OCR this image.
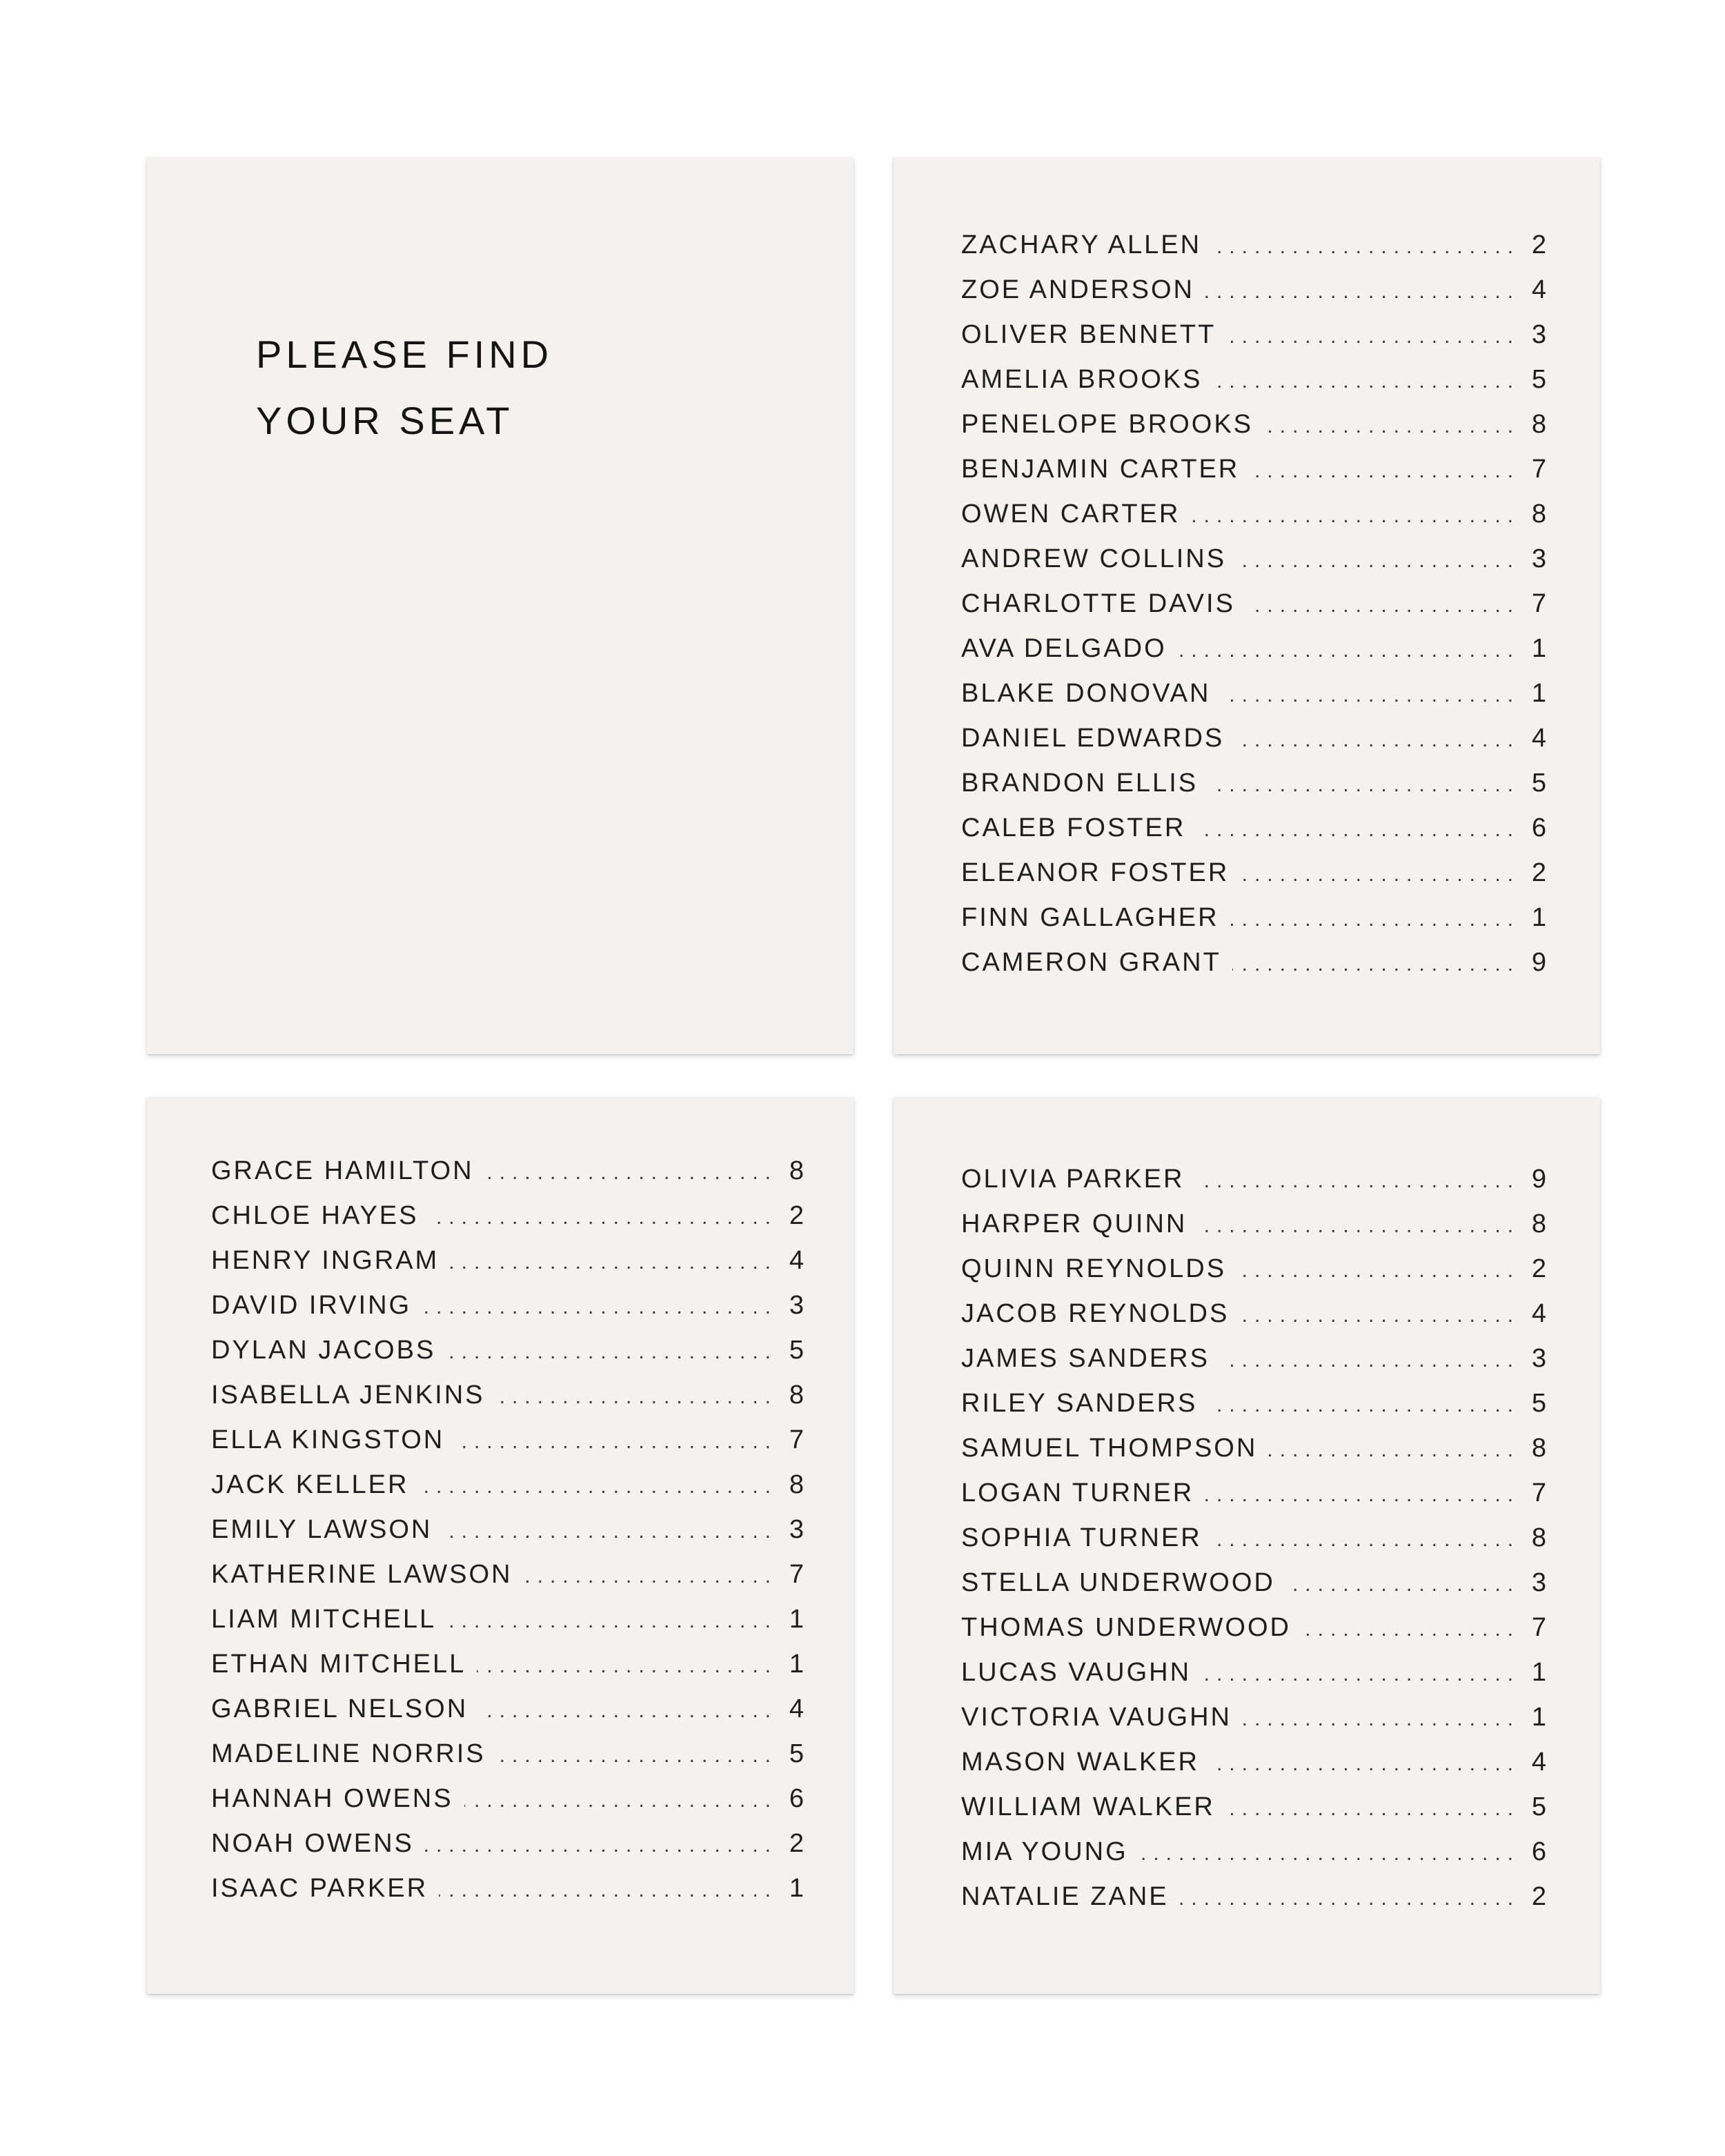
PLEASE FIND
YOUR SEAT
ZACHARY ALLEN .....	2
ZOE ANDERSON .....	4
OLIVER BENNETT .....	3
AMELIA BROOKS .....	5
PENELOPE BROOKS .....	8
BENJAMIN CARTER .....	7
OWEN CARTER .....	8
ANDREW COLLINS .....	3
CHARLOTTE DAVIS .....	7
AVA DELGADO .....	1
BLAKE DONOVAN .....	1
DANIEL EDWARDS .....	4
BRANDON ELLIS .....	5
CALEB FOSTER .....	6
ELEANOR FOSTER .....	2
FINN GALLAGHER .....	1
CAMERON GRANT .....	9
GRACE HAMILTON .....	8
CHLOE HAYES .....	2
HENRY INGRAM .....	4
DAVID IRVING .....	3
DYLAN JACOBS .....	5
ISABELLA JENKINS .....	8
ELLA KINGSTON .....	7
JACK KELLER .....	8
EMILY LAWSON .....	3
KATHERINE LAWSON .....	7
LIAM MITCHELL .....	1
ETHAN MITCHELL .....	1
GABRIEL NELSON .....	4
MADELINE NORRIS .....	5
HANNAH OWENS .....	6
NOAH OWENS .....	2
ISAAC PARKER .....	1
OLIVIA PARKER .....	9
HARPER QUINN .....	8
QUINN REYNOLDS .....	2
JACOB REYNOLDS .....	4
JAMES SANDERS .....	3
RILEY SANDERS .....	5
SAMUEL THOMPSON .....	8
LOGAN TURNER .....	7
SOPHIA TURNER .....	8
STELLA UNDERWOOD .....	3
THOMAS UNDERWOOD .....	7
LUCAS VAUGHN .....	1
VICTORIA VAUGHN .....	1
MASON WALKER .....	4
WILLIAM WALKER .....	5
MIA YOUNG .....	6
NATALIE ZANE .....	2
